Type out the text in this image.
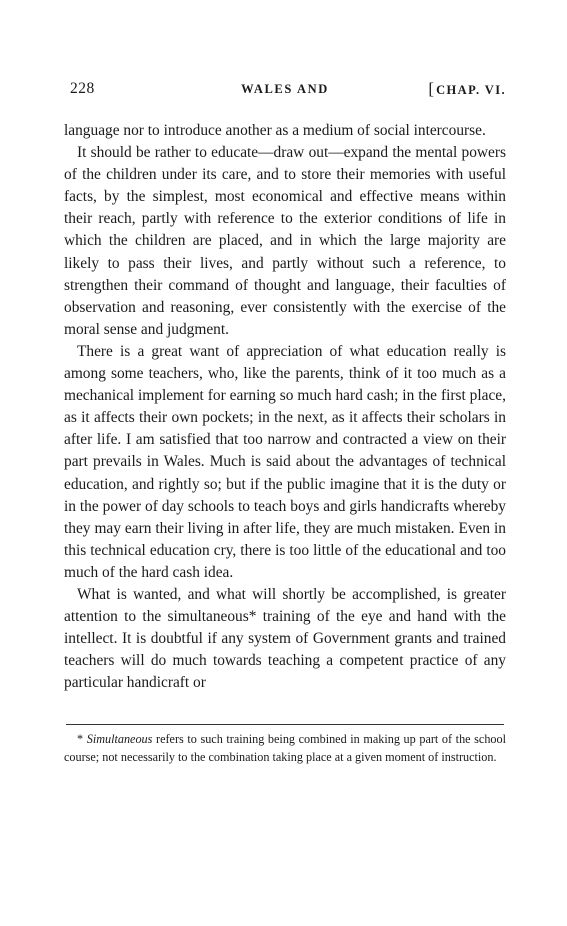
228	WALES AND	[ CHAP. VI.

language nor to introduce another as a medium of social intercourse.

It should be rather to educate—draw out—expand the mental powers of the children under its care, and to store their memories with useful facts, by the simplest, most economical and effective means within their reach, partly with reference to the exterior conditions of life in which the children are placed, and in which the large majority are likely to pass their lives, and partly without such a reference, to strengthen their command of thought and language, their faculties of observation and reasoning, ever consistently with the exercise of the moral sense and judgment.

There is a great want of appreciation of what education really is among some teachers, who, like the parents, think of it too much as a mechanical implement for earning so much hard cash; in the first place, as it affects their own pockets; in the next, as it affects their scholars in after life. I am satisfied that too narrow and contracted a view on their part prevails in Wales. Much is said about the advantages of technical education, and rightly so; but if the public imagine that it is the duty or in the power of day schools to teach boys and girls handicrafts whereby they may earn their living in after life, they are much mistaken. Even in this technical education cry, there is too little of the educational and too much of the hard cash idea.

What is wanted, and what will shortly be accomplished, is greater attention to the simultaneous* training of the eye and hand with the intellect. It is doubtful if any system of Government grants and trained teachers will do much towards teaching a competent practice of any particular handicraft or

* Simultaneous refers to such training being combined in making up part of the school course; not necessarily to the combination taking place at a given moment of instruction.
